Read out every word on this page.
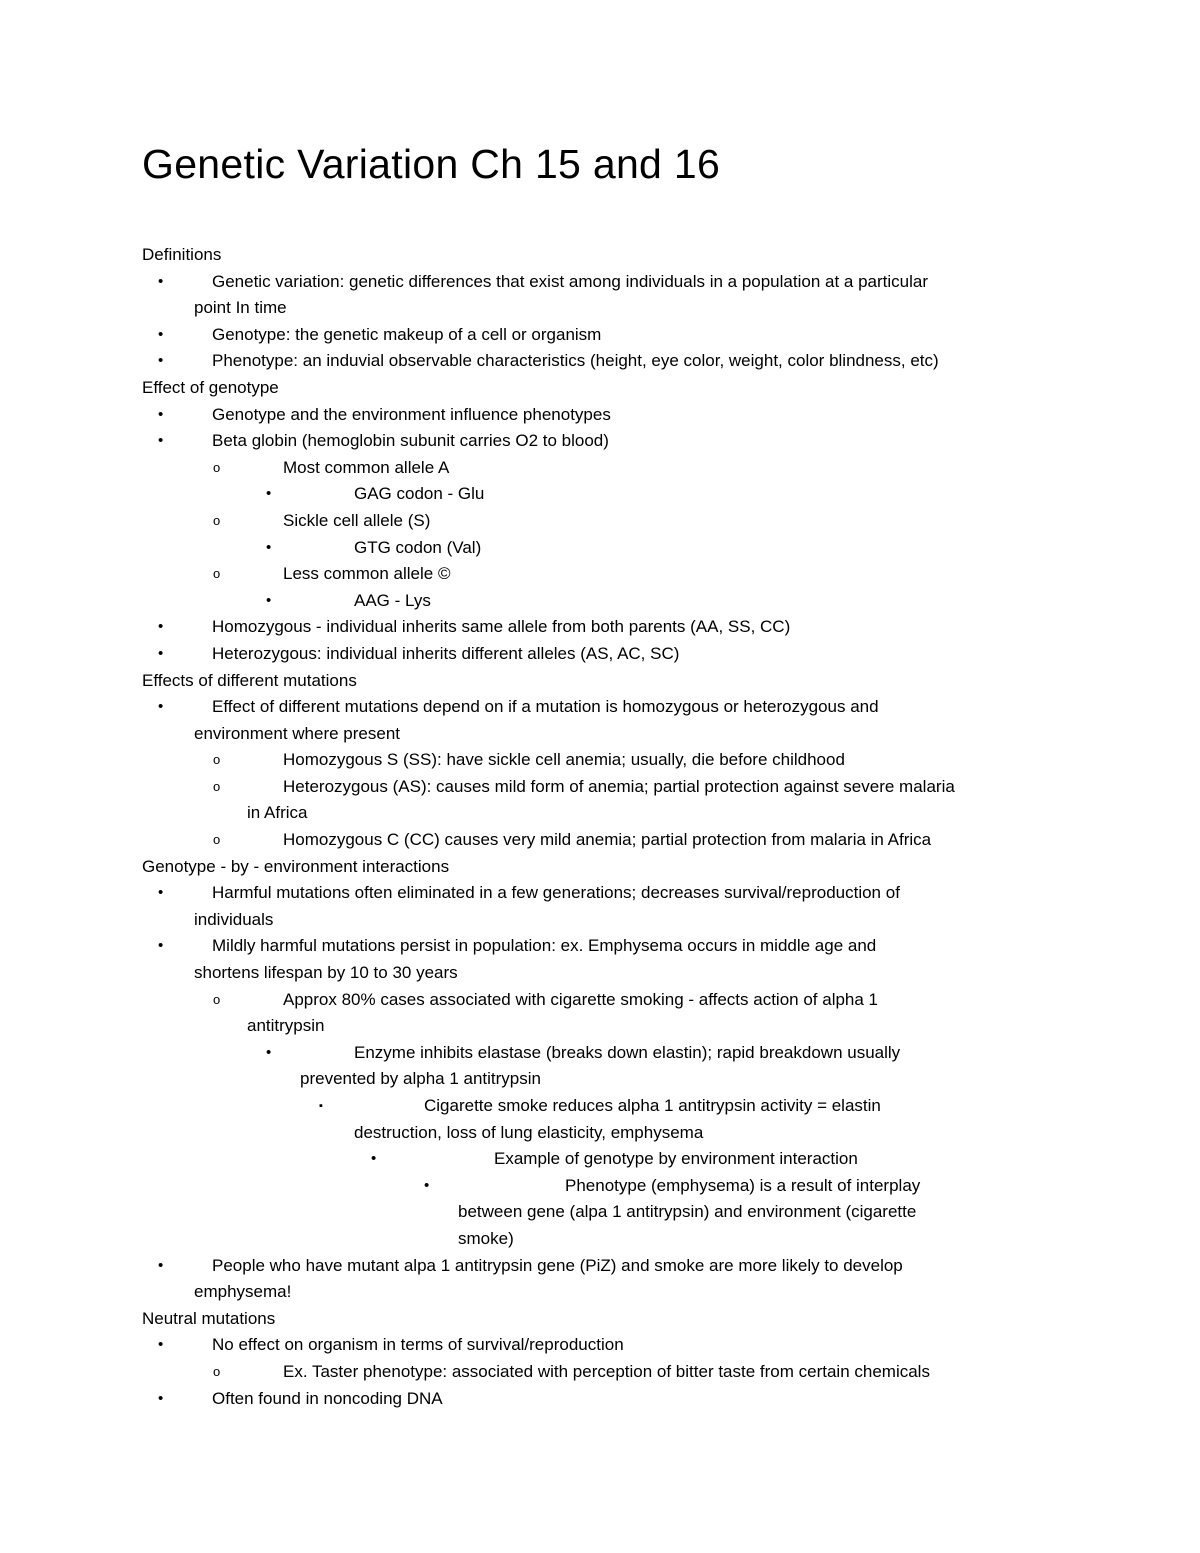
Genetic Variation Ch 15 and 16
Definitions
•	Genetic variation: genetic differences that exist among individuals in a population at a particular
point In time
•	Genotype: the genetic makeup of a cell or organism
•	Phenotype: an induvial observable characteristics (height, eye color, weight, color blindness, etc)
Effect of genotype
•	Genotype and the environment influence phenotypes
•	Beta globin (hemoglobin subunit carries O2 to blood)
o	Most common allele A
•	GAG codon - Glu
o	Sickle cell allele (S)
•	GTG codon (Val)
o	Less common allele ©
•	AAG - Lys
•	Homozygous - individual inherits same allele from both parents (AA, SS, CC)
•	Heterozygous: individual inherits different alleles (AS, AC, SC)
Effects of different mutations
•	Effect of different mutations depend on if a mutation is homozygous or heterozygous and
environment where present
o	Homozygous S (SS): have sickle cell anemia; usually, die before childhood
o	Heterozygous (AS): causes mild form of anemia; partial protection against severe malaria
in Africa
o	Homozygous C (CC) causes very mild anemia; partial protection from malaria in Africa
Genotype - by - environment interactions
•	Harmful mutations often eliminated in a few generations; decreases survival/reproduction of
individuals
•	Mildly harmful mutations persist in population: ex. Emphysema occurs in middle age and
shortens lifespan by 10 to 30 years
o	Approx 80% cases associated with cigarette smoking - affects action of alpha 1
antitrypsin
•	Enzyme inhibits elastase (breaks down elastin); rapid breakdown usually
prevented by alpha 1 antitrypsin
▪	Cigarette smoke reduces alpha 1 antitrypsin activity = elastin
destruction, loss of lung elasticity, emphysema
•	Example of genotype by environment interaction
•	Phenotype (emphysema) is a result of interplay
between gene (alpa 1 antitrypsin) and environment (cigarette
smoke)
•	People who have mutant alpa 1 antitrypsin gene (PiZ) and smoke are more likely to develop
emphysema!
Neutral mutations
•	No effect on organism in terms of survival/reproduction
o	Ex. Taster phenotype: associated with perception of bitter taste from certain chemicals
•	Often found in noncoding DNA
